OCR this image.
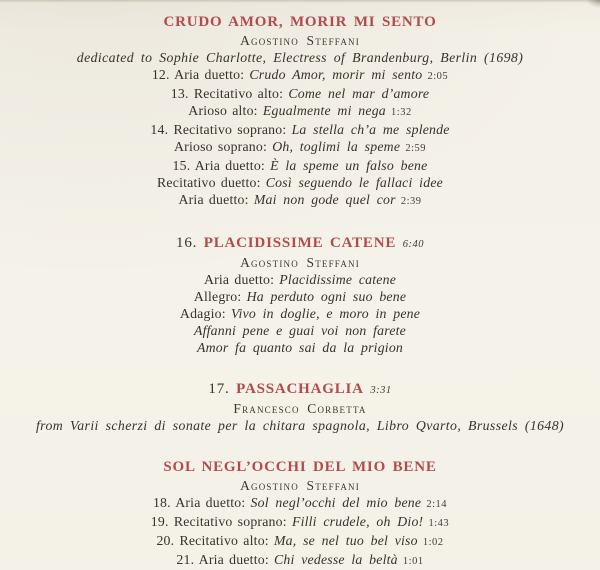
CRUDO AMOR, MORIR MI SENTO
Agostino Steffani
dedicated to Sophie Charlotte, Electress of Brandenburg, Berlin (1698)
12. Aria duetto: Crudo Amor, morir mi sento 2:05
13. Recitativo alto: Come nel mar d’amore
Arioso alto: Egualmente mi nega 1:32
14. Recitativo soprano: La stella ch’a me splende
Arioso soprano: Oh, toglimi la speme 2:59
15. Aria duetto: È la speme un falso bene
Recitativo duetto: Così seguendo le fallaci idee
Aria duetto: Mai non gode quel cor 2:39
16. PLACIDISSIME CATENE 6:40
Agostino Steffani
Aria duetto: Placidissime catene
Allegro: Ha perduto ogni suo bene
Adagio: Vivo in doglie, e moro in pene
Affanni pene e guai voi non farete
Amor fa quanto sai da la prigion
17. PASSACHAGLIA 3:31
Francesco Corbetta
from Varii scherzi di sonate per la chitara spagnola, Libro Qvarto, Brussels (1648)
SOL NEGL’OCCHI DEL MIO BENE
Agostino Steffani
18. Aria duetto: Sol negl’occhi del mio bene 2:14
19. Recitativo soprano: Filli crudele, oh Dio! 1:43
20. Recitativo alto: Ma, se nel tuo bel viso 1:02
21. Aria duetto: Chi vedesse la beltà 1:01
